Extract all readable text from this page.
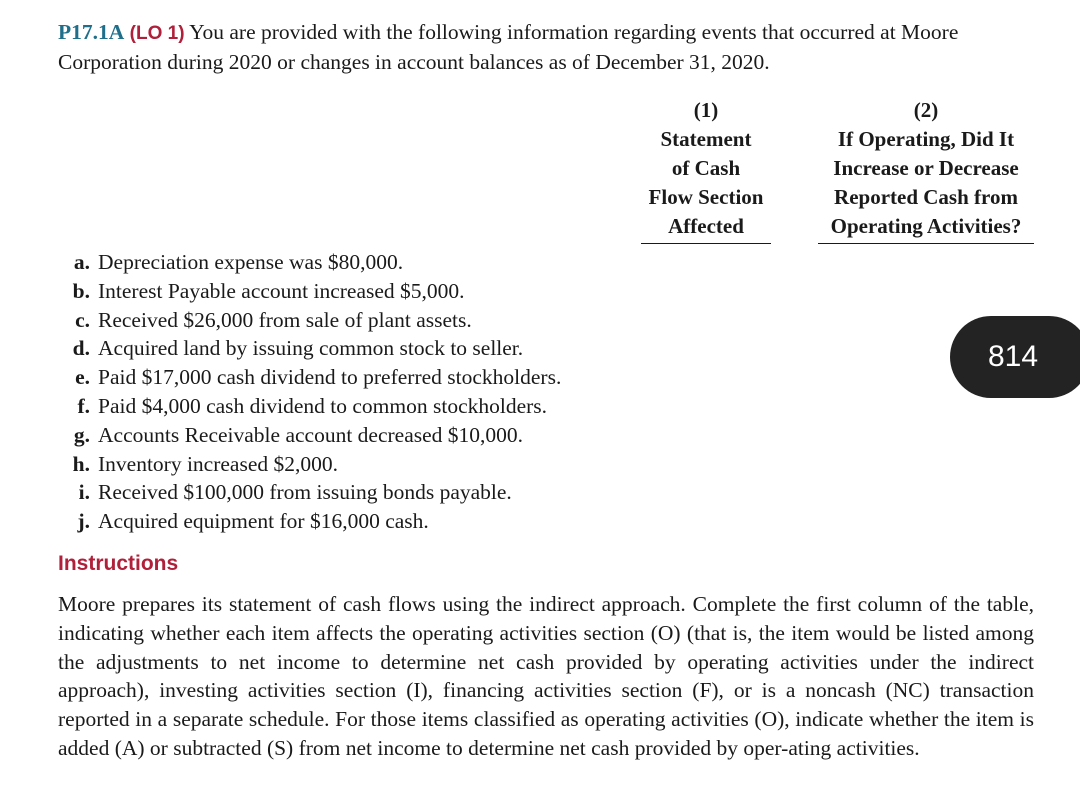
P17.1A (LO 1) You are provided with the following information regarding events that occurred at Moore Corporation during 2020 or changes in account balances as of December 31, 2020.
(1)
Statement
of Cash
Flow Section
Affected
(2)
If Operating, Did It
Increase or Decrease
Reported Cash from
Operating Activities?
a. Depreciation expense was $80,000.
b. Interest Payable account increased $5,000.
c. Received $26,000 from sale of plant assets.
d. Acquired land by issuing common stock to seller.
e. Paid $17,000 cash dividend to preferred stockholders.
f. Paid $4,000 cash dividend to common stockholders.
g. Accounts Receivable account decreased $10,000.
h. Inventory increased $2,000.
i. Received $100,000 from issuing bonds payable.
j. Acquired equipment for $16,000 cash.
814
Instructions
Moore prepares its statement of cash flows using the indirect approach. Complete the first column of the table, indicating whether each item affects the operating activities section (O) (that is, the item would be listed among the adjustments to net income to determine net cash provided by operating activities under the indirect approach), investing activities section (I), financing activities section (F), or is a noncash (NC) transaction reported in a separate schedule. For those items classified as operating activities (O), indicate whether the item is added (A) or subtracted (S) from net income to determine net cash provided by oper-ating activities.
